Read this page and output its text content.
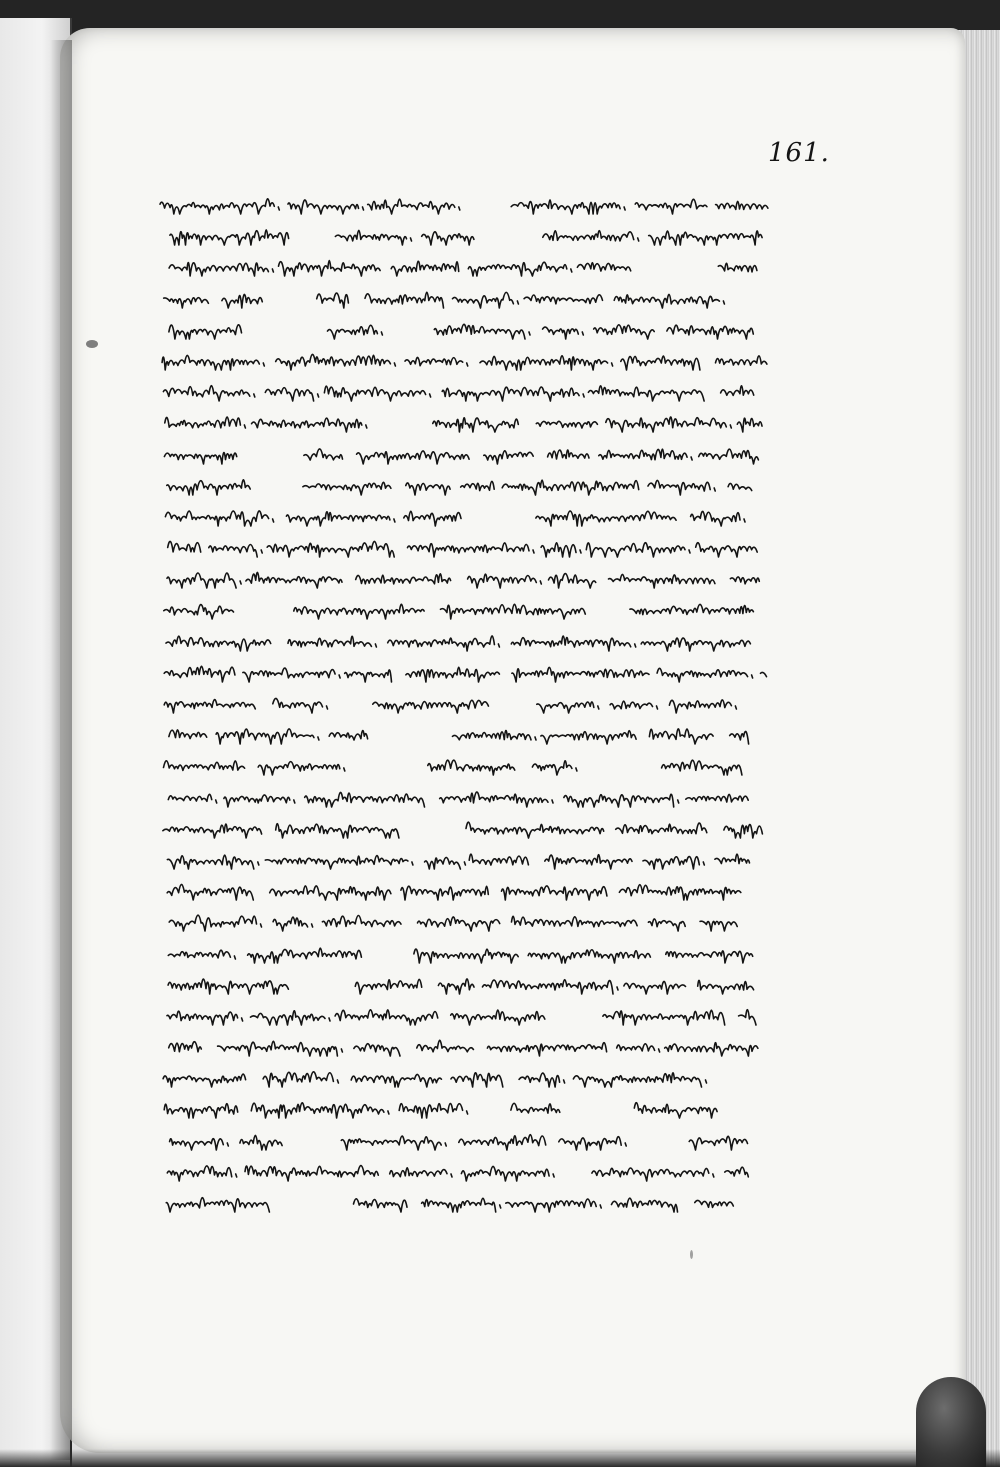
161.
